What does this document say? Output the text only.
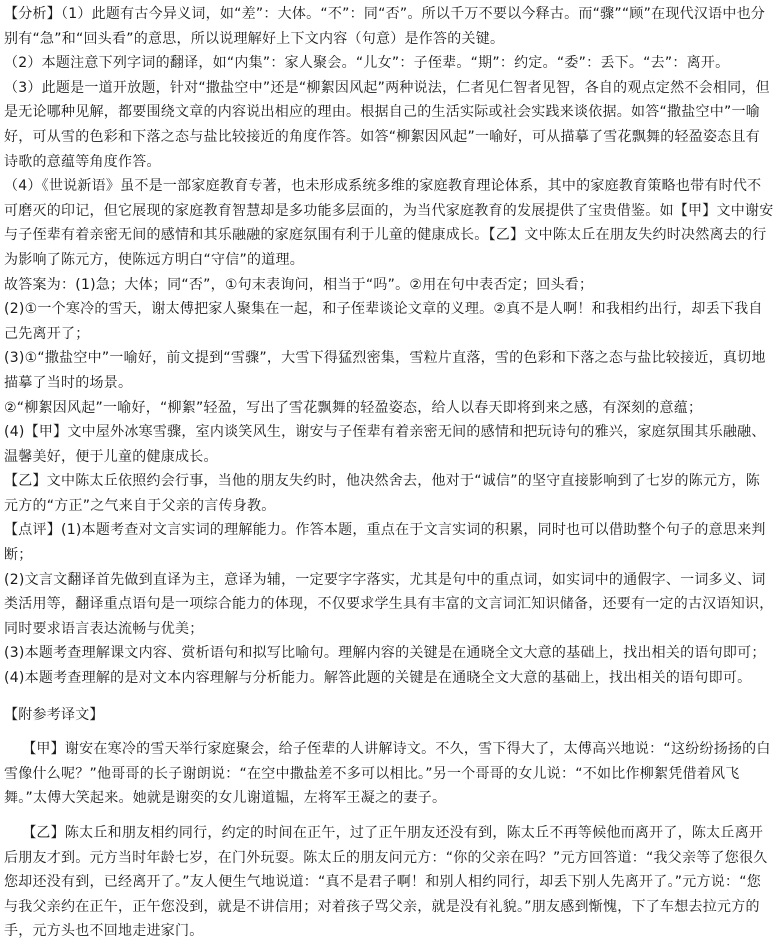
【分析】（1）此题有古今异义词，如“差”：大体。“不”：同“否”。所以千万不要以今释古。而“骤”“顾”在现代汉语中也分别有“急”和“回头看”的意思，所以说理解好上下文内容（句意）是作答的关键。

（2）本题注意下列字词的翻译，如“内集”：家人聚会。“儿女”：子侄辈。“期”：约定。“委”：丢下。“去”：离开。

（3）此题是一道开放题，针对“撒盐空中”还是“柳絮因风起”两种说法，仁者见仁智者见智，各自的观点定然不会相同，但是无论哪种见解，都要围绕文章的内容说出相应的理由。根据自己的生活实际或社会实践来谈依据。如答“撒盐空中”一喻好，可从雪的色彩和下落之态与盐比较接近的角度作答。如答“柳絮因风起”一喻好，可从描摹了雪花飘舞的轻盈姿态且有诗歌的意蕴等角度作答。

（4）《世说新语》虽不是一部家庭教育专著，也未形成系统多维的家庭教育理论体系，其中的家庭教育策略也带有时代不可磨灭的印记，但它展现的家庭教育智慧却是多功能多层面的，为当代家庭教育的发展提供了宝贵借鉴。如【甲】文中谢安与子侄辈有着亲密无间的感情和其乐融融的家庭氛围有利于儿童的健康成长。【乙】文中陈太丘在朋友失约时决然离去的行为影响了陈元方，使陈远方明白“守信”的道理。

故答案为：(1)急；大体；同“否”，①句末表询问，相当于“吗”。②用在句中表否定；回头看；

(2)①一个寒冷的雪天，谢太傅把家人聚集在一起，和子侄辈谈论文章的义理。②真不是人啊！和我相约出行，却丢下我自己先离开了；

(3)①“撒盐空中”一喻好，前文提到“雪骤”，大雪下得猛烈密集，雪粒片直落，雪的色彩和下落之态与盐比较接近，真切地描摹了当时的场景。

②“柳絮因风起”一喻好，“柳絮”轻盈，写出了雪花飘舞的轻盈姿态，给人以春天即将到来之感，有深刻的意蕴；

(4)【甲】文中屋外冰寒雪骤，室内谈笑风生，谢安与子侄辈有着亲密无间的感情和把玩诗句的雅兴，家庭氛围其乐融融、温馨美好，便于儿童的健康成长。

【乙】文中陈太丘依照约会行事，当他的朋友失约时，他决然舍去，他对于“诚信”的坚守直接影响到了七岁的陈元方，陈元方的“方正”之气来自于父亲的言传身教。

【点评】(1)本题考查对文言实词的理解能力。作答本题，重点在于文言实词的积累，同时也可以借助整个句子的意思来判断；

(2)文言文翻译首先做到直译为主，意译为辅，一定要字字落实，尤其是句中的重点词，如实词中的通假字、一词多义、词类活用等，翻译重点语句是一项综合能力的体现，不仅要求学生具有丰富的文言词汇知识储备，还要有一定的古汉语知识，同时要求语言表达流畅与优美；

(3)本题考查理解课文内容、赏析语句和拟写比喻句。理解内容的关键是在通晓全文大意的基础上，找出相关的语句即可；

(4)本题考查理解的是对文本内容理解与分析能力。解答此题的关键是在通晓全文大意的基础上，找出相关的语句即可。

【附参考译文】

【甲】谢安在寒冷的雪天举行家庭聚会，给子侄辈的人讲解诗文。不久，雪下得大了，太傅高兴地说：“这纷纷扬扬的白雪像什么呢？”他哥哥的长子谢朗说：“在空中撒盐差不多可以相比。”另一个哥哥的女儿说：“不如比作柳絮凭借着风飞舞。”太傅大笑起来。她就是谢奕的女儿谢道韫，左将军王凝之的妻子。

【乙】陈太丘和朋友相约同行，约定的时间在正午，过了正午朋友还没有到，陈太丘不再等候他而离开了，陈太丘离开后朋友才到。元方当时年龄七岁，在门外玩耍。陈太丘的朋友问元方：“你的父亲在吗？”元方回答道：“我父亲等了您很久您却还没有到，已经离开了。”友人便生气地说道：“真不是君子啊！和别人相约同行，却丢下别人先离开了。”元方说：“您与我父亲约在正午，正午您没到，就是不讲信用；对着孩子骂父亲，就是没有礼貌。”朋友感到惭愧，下了车想去拉元方的手，元方头也不回地走进家门。
